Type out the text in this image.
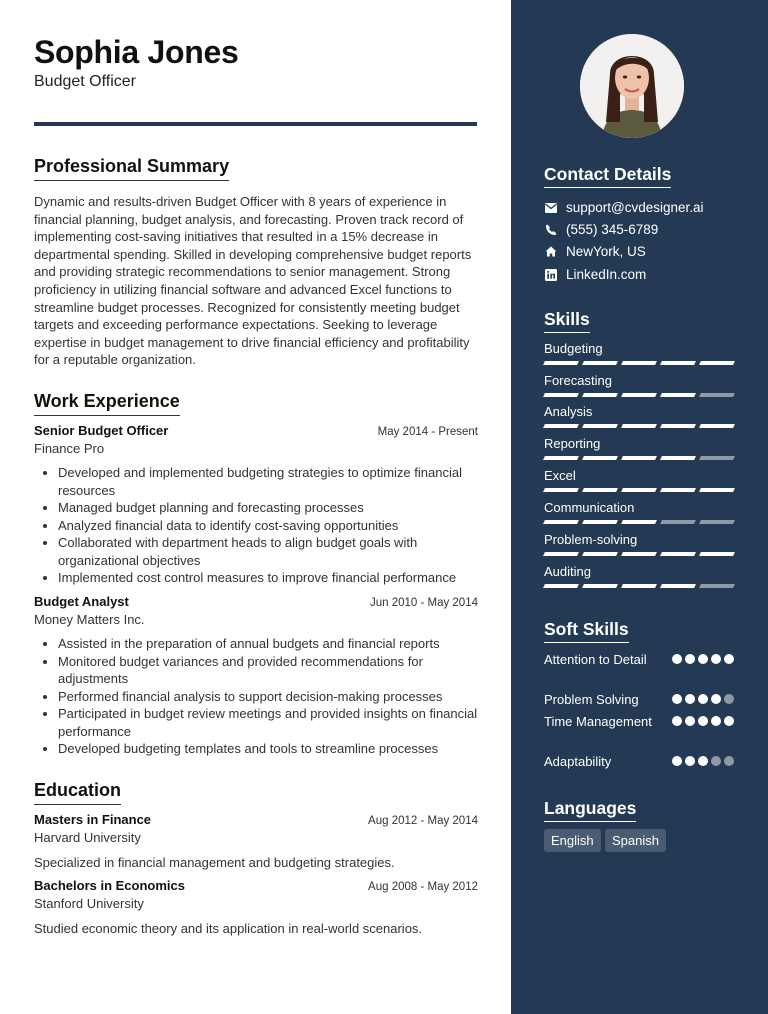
Sophia Jones
Budget Officer
Professional Summary
Dynamic and results-driven Budget Officer with 8 years of experience in financial planning, budget analysis, and forecasting. Proven track record of implementing cost-saving initiatives that resulted in a 15% decrease in departmental spending. Skilled in developing comprehensive budget reports and providing strategic recommendations to senior management. Strong proficiency in utilizing financial software and advanced Excel functions to streamline budget processes. Recognized for consistently meeting budget targets and exceeding performance expectations. Seeking to leverage expertise in budget management to drive financial efficiency and profitability for a reputable organization.
Work Experience
Senior Budget Officer	May 2014 - Present
Finance Pro
• Developed and implemented budgeting strategies to optimize financial resources
• Managed budget planning and forecasting processes
• Analyzed financial data to identify cost-saving opportunities
• Collaborated with department heads to align budget goals with organizational objectives
• Implemented cost control measures to improve financial performance
Budget Analyst	Jun 2010 - May 2014
Money Matters Inc.
• Assisted in the preparation of annual budgets and financial reports
• Monitored budget variances and provided recommendations for adjustments
• Performed financial analysis to support decision-making processes
• Participated in budget review meetings and provided insights on financial performance
• Developed budgeting templates and tools to streamline processes
Education
Masters in Finance	Aug 2012 - May 2014
Harvard University
Specialized in financial management and budgeting strategies.
Bachelors in Economics	Aug 2008 - May 2012
Stanford University
Studied economic theory and its application in real-world scenarios.
Contact Details
support@cvdesigner.ai
(555) 345-6789
NewYork, US
LinkedIn.com
Skills
Budgeting
Forecasting
Analysis
Reporting
Excel
Communication
Problem-solving
Auditing
Soft Skills
Attention to Detail
Problem Solving
Time Management
Adaptability
Languages
English	Spanish
